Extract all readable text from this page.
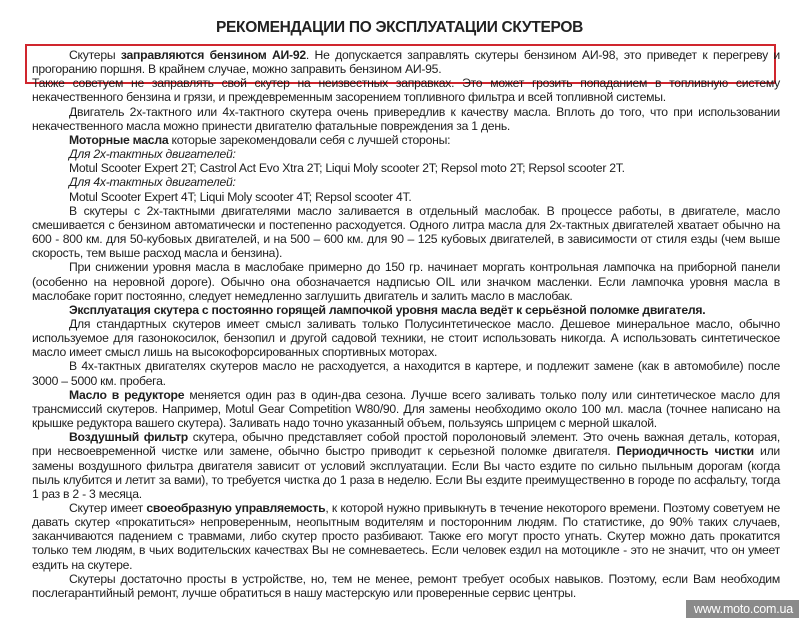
РЕКОМЕНДАЦИИ ПО ЭКСПЛУАТАЦИИ СКУТЕРОВ

Скутеры заправляются бензином АИ-92. Не допускается заправлять скутеры бензином АИ-98, это приведет к перегреву и прогоранию поршня. В крайнем случае, можно заправить бензином АИ-95.

Также советуем не заправлять свой скутер на неизвестных заправках. Это может грозить попаданием в топливную систему некачественного бензина и грязи, и преждевременным засорением топливного фильтра и всей топливной системы.

Двигатель 2х-тактного или 4х-тактного скутера очень привередлив к качеству масла. Вплоть до того, что при использовании некачественного масла можно принести двигателю фатальные повреждения за 1 день.

Моторные масла которые зарекомендовали себя с лучшей стороны:

Для 2х-тактных двигателей:

Motul Scooter Expert 2T; Castrol Act Evo Xtra 2T; Liqui Moly scooter 2T; Repsol moto 2T; Repsol scooter 2T.

Для 4х-тактных двигателей:

Motul Scooter Expert 4T; Liqui Moly scooter 4T; Repsol scooter 4T.

В скутеры с 2х-тактными двигателями масло заливается в отдельный маслобак. В процессе работы, в двигателе, масло смешивается с бензином автоматически и постепенно расходуется. Одного литра масла для 2х-тактных двигателей хватает обычно на 600 - 800 км. для 50-кубовых двигателей, и на 500 – 600 км. для 90 – 125 кубовых двигателей, в зависимости от стиля езды (чем выше скорость, тем выше расход масла и бензина).

При снижении уровня масла в маслобаке примерно до 150 гр. начинает моргать контрольная лампочка на приборной панели (особенно на неровной дороге). Обычно она обозначается надписью OIL или значком масленки. Если лампочка уровня масла в маслобаке горит постоянно, следует немедленно заглушить двигатель и залить масло в маслобак.

Эксплуатация скутера с постоянно горящей лампочкой уровня масла ведёт к серьёзной поломке двигателя.

Для стандартных скутеров имеет смысл заливать только Полусинтетическое масло. Дешевое минеральное масло, обычно используемое для газонокосилок, бензопил и другой садовой техники, не стоит использовать никогда. А использовать синтетическое масло имеет смысл лишь на высокофорсированных спортивных моторах.

В 4х-тактных двигателях скутеров масло не расходуется, а находится в картере, и подлежит замене (как в автомобиле) после 3000 – 5000 км. пробега.

Масло в редукторе меняется один раз в один-два сезона. Лучше всего заливать только полу или синтетическое масло для трансмиссий скутеров. Например, Motul Gear Competition W80/90. Для замены необходимо около 100 мл. масла (точнее написано на крышке редуктора вашего скутера). Заливать надо точно указанный объем, пользуясь шприцем с мерной шкалой.

Воздушный фильтр скутера, обычно представляет собой простой поролоновый элемент. Это очень важная деталь, которая, при несвоевременной чистке или замене, обычно быстро приводит к серьезной поломке двигателя. Периодичность чистки или замены воздушного фильтра двигателя зависит от условий эксплуатации. Если Вы часто ездите по сильно пыльным дорогам (когда пыль клубится и летит за вами), то требуется чистка до 1 раза в неделю. Если Вы ездите преимущественно в городе по асфальту, тогда 1 раз в 2 - 3 месяца.

Скутер имеет своеобразную управляемость, к которой нужно привыкнуть в течение некоторого времени. Поэтому советуем не давать скутер «прокатиться» непроверенным, неопытным водителям и посторонним людям. По статистике, до 90% таких случаев, заканчиваются падением с травмами, либо скутер просто разбивают. Также его могут просто угнать. Скутер можно дать прокатится только тем людям, в чьих водительских качествах Вы не сомневаетесь. Если человек ездил на мотоцикле - это не значит, что он умеет ездить на скутере.

Скутеры достаточно просты в устройстве, но, тем не менее, ремонт требует особых навыков. Поэтому, если Вам необходим послегарантийный ремонт, лучше обратиться в нашу мастерскую или проверенные сервис центры.

www.moto.com.ua
